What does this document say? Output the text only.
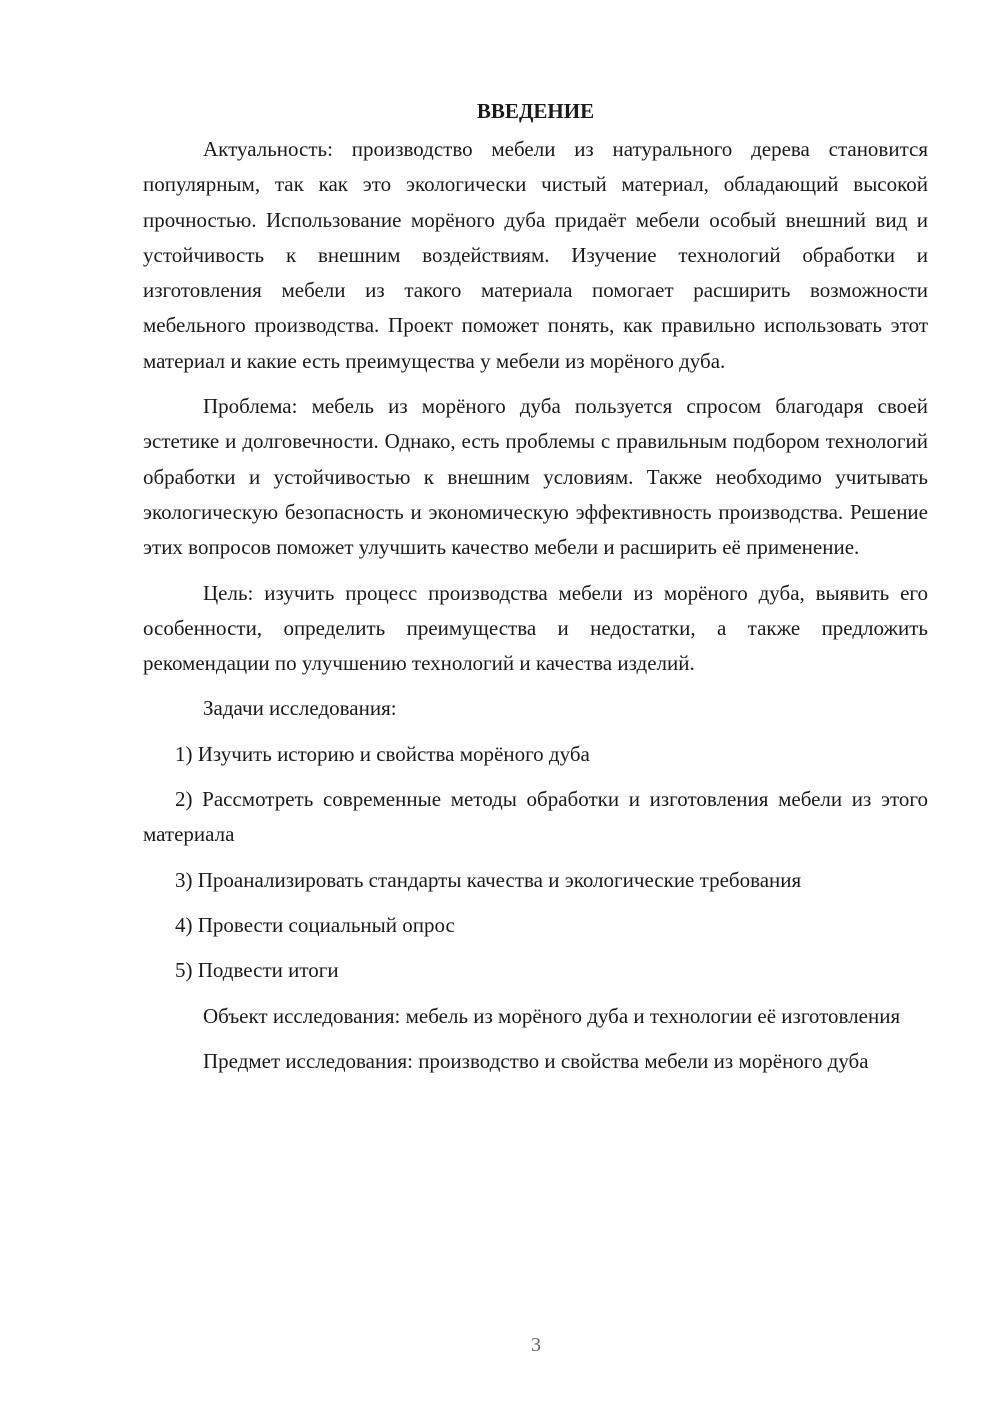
ВВЕДЕНИЕ

Актуальность: производство мебели из натурального дерева становится популярным, так как это экологически чистый материал, обладающий высокой прочностью. Использование морёного дуба придаёт мебели особый внешний вид и устойчивость к внешним воздействиям. Изучение технологий обработки и изготовления мебели из такого материала помогает расширить возможности мебельного производства. Проект поможет понять, как правильно использовать этот материал и какие есть преимущества у мебели из морёного дуба.

Проблема: мебель из морёного дуба пользуется спросом благодаря своей эстетике и долговечности. Однако, есть проблемы с правильным подбором технологий обработки и устойчивостью к внешним условиям. Также необходимо учитывать экологическую безопасность и экономическую эффективность производства. Решение этих вопросов поможет улучшить качество мебели и расширить её применение.

Цель: изучить процесс производства мебели из морёного дуба, выявить его особенности, определить преимущества и недостатки, а также предложить рекомендации по улучшению технологий и качества изделий.

Задачи исследования:

1) Изучить историю и свойства морёного дуба

2) Рассмотреть современные методы обработки и изготовления мебели из этого материала

3) Проанализировать стандарты качества и экологические требования

4) Провести социальный опрос

5) Подвести итоги

Объект исследования: мебель из морёного дуба и технологии её изготовления

Предмет исследования: производство и свойства мебели из морёного дуба

3
